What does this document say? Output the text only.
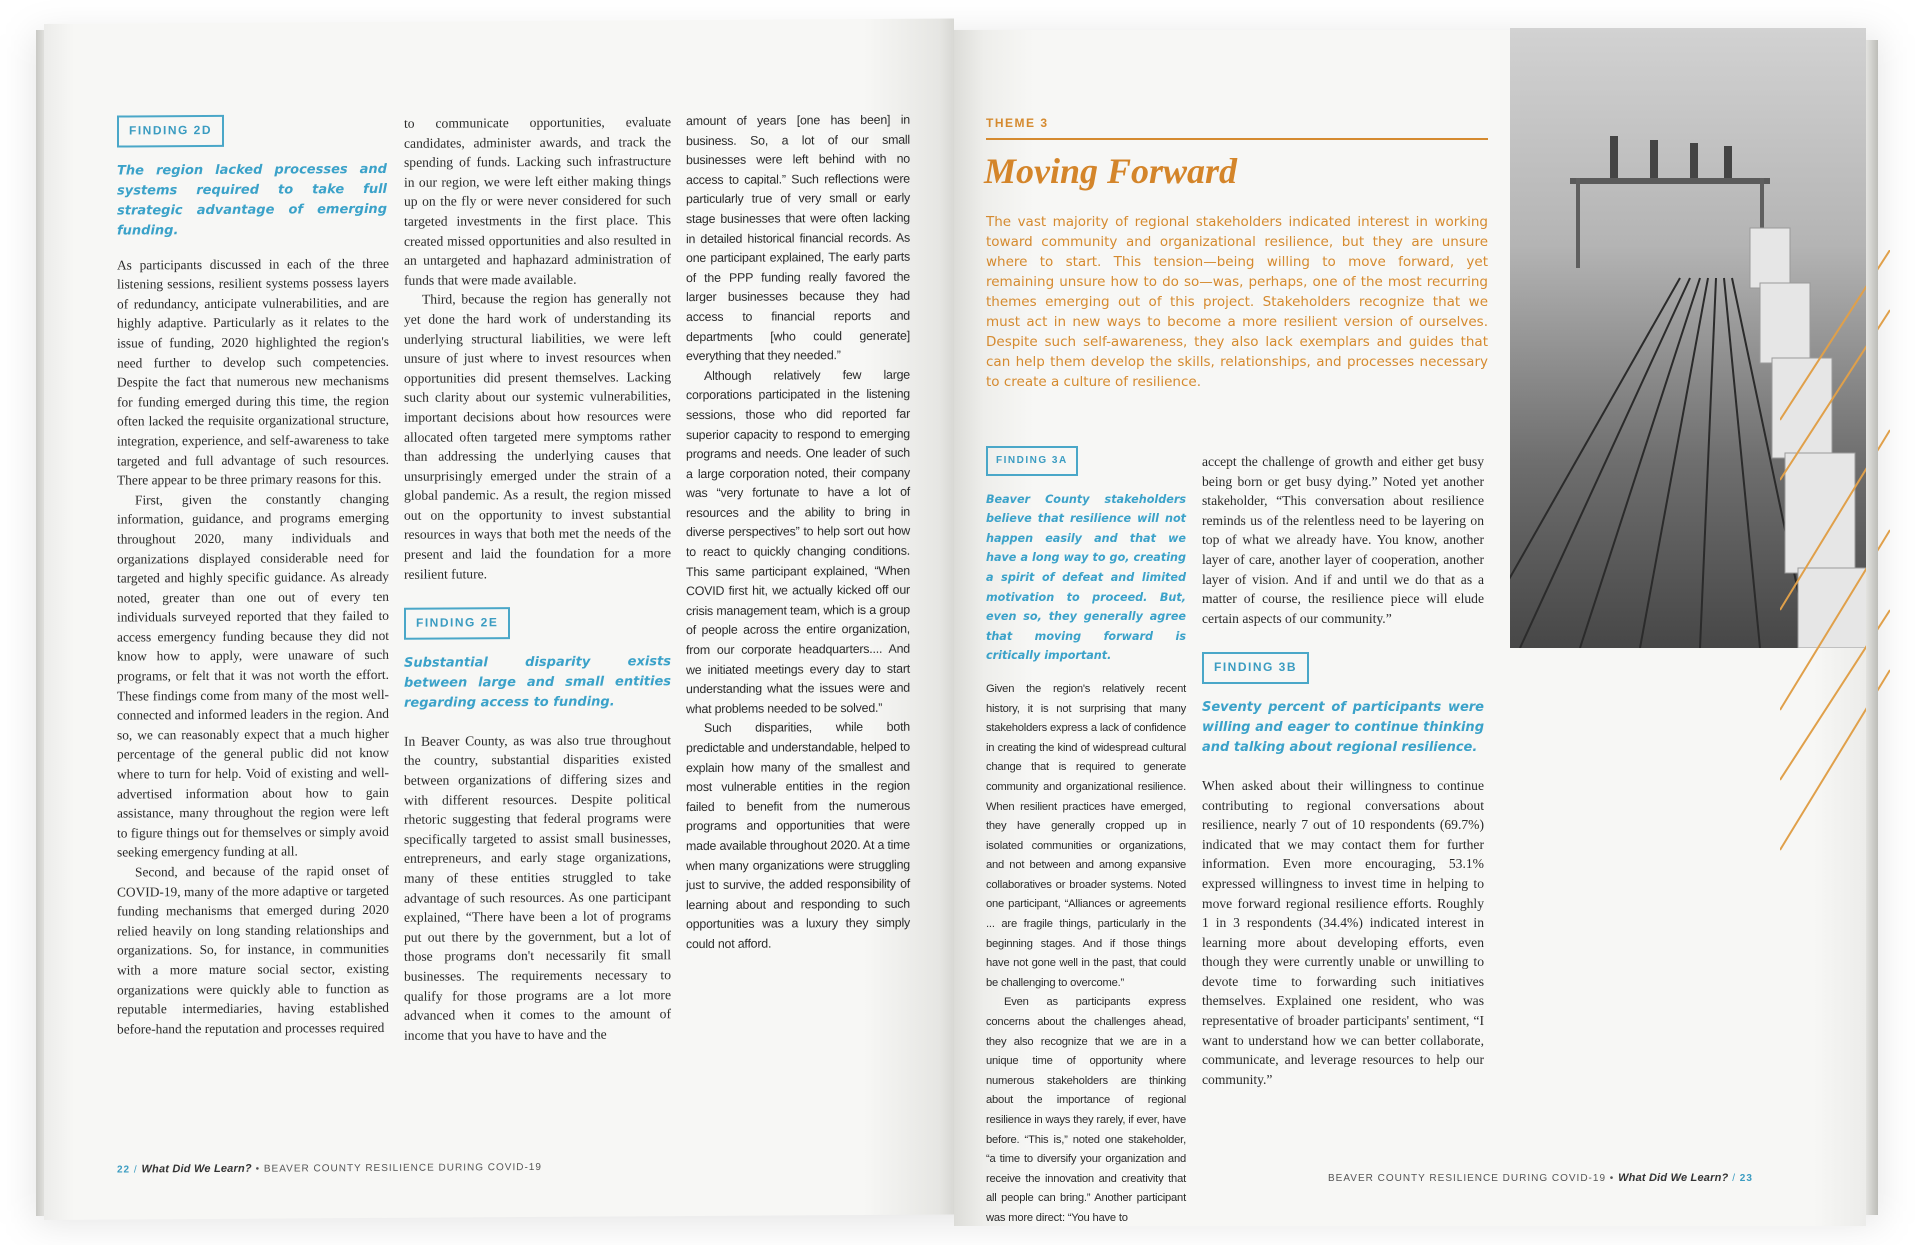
FINDING 2D
The region lacked processes and systems required to take full strategic advantage of emerging funding.

As participants discussed in each of the three listening sessions, resilient systems possess layers of redundancy, anticipate vulnerabilities, and are highly adaptive. Particularly as it relates to the issue of funding, 2020 highlighted the region's need further to develop such competencies. Despite the fact that numerous new mechanisms for funding emerged during this time, the region often lacked the requisite organizational structure, integration, experience, and self-awareness to take targeted and full advantage of such resources. There appear to be three primary reasons for this.

First, given the constantly changing information, guidance, and programs emerging throughout 2020, many individuals and organizations displayed considerable need for targeted and highly specific guidance. As already noted, greater than one out of every ten individuals surveyed reported that they failed to access emergency funding because they did not know how to apply, were unaware of such programs, or felt that it was not worth the effort. These findings come from many of the most well-connected and informed leaders in the region. And so, we can reasonably expect that a much higher percentage of the general public did not know where to turn for help. Void of existing and well-advertised information about how to gain assistance, many throughout the region were left to figure things out for themselves or simply avoid seeking emergency funding at all.

Second, and because of the rapid onset of COVID-19, many of the more adaptive or targeted funding mechanisms that emerged during 2020 relied heavily on long standing relationships and organizations. So, for instance, in communities with a more mature social sector, existing organizations were quickly able to function as reputable intermediaries, having established before-hand the reputation and processes required

to communicate opportunities, evaluate candidates, administer awards, and track the spending of funds. Lacking such infrastructure in our region, we were left either making things up on the fly or were never considered for such targeted investments in the first place. This created missed opportunities and also resulted in an untargeted and haphazard administration of funds that were made available.

Third, because the region has generally not yet done the hard work of understanding its underlying structural liabilities, we were left unsure of just where to invest resources when opportunities did present themselves. Lacking such clarity about our systemic vulnerabilities, important decisions about how resources were allocated often targeted mere symptoms rather than addressing the underlying causes that unsurprisingly emerged under the strain of a global pandemic. As a result, the region missed out on the opportunity to invest substantial resources in ways that both met the needs of the present and laid the foundation for a more resilient future.

FINDING 2E
Substantial disparity exists between large and small entities regarding access to funding.

In Beaver County, as was also true throughout the country, substantial disparities existed between organizations of differing sizes and with different resources. Despite political rhetoric suggesting that federal programs were specifically targeted to assist small businesses, entrepreneurs, and early stage organizations, many of these entities struggled to take advantage of such resources. As one participant explained, “There have been a lot of programs put out there by the government, but a lot of those programs don't necessarily fit small businesses. The requirements necessary to qualify for those programs are a lot more advanced when it comes to the amount of income that you have to have and the

amount of years [one has been] in business. So, a lot of our small businesses were left behind with no access to capital.” Such reflections were particularly true of very small or early stage businesses that were often lacking in detailed historical financial records. As one participant explained, The early parts of the PPP funding really favored the larger businesses because they had access to financial reports and departments [who could generate] everything that they needed.”

Although relatively few large corporations participated in the listening sessions, those who did reported far superior capacity to respond to emerging programs and needs. One leader of such a large corporation noted, their company was “very fortunate to have a lot of resources and the ability to bring in diverse perspectives” to help sort out how to react to quickly changing conditions. This same participant explained, “When COVID first hit, we actually kicked off our crisis management team, which is a group of people across the entire organization, from our corporate headquarters.... And we initiated meetings every day to start understanding what the issues were and what problems needed to be solved.”

Such disparities, while both predictable and understandable, helped to explain how many of the smallest and most vulnerable entities in the region failed to benefit from the numerous programs and opportunities that were made available throughout 2020. At a time when many organizations were struggling just to survive, the added responsibility of learning about and responding to such opportunities was a luxury they simply could not afford.

22 / What Did We Learn? • BEAVER COUNTY RESILIENCE DURING COVID-19
THEME 3
Moving Forward
The vast majority of regional stakeholders indicated interest in working toward community and organizational resilience, but they are unsure where to start. This tension—being willing to move forward, yet remaining unsure how to do so—was, perhaps, one of the most recurring themes emerging out of this project. Stakeholders recognize that we must act in new ways to become a more resilient version of ourselves. Despite such self-awareness, they also lack exemplars and guides that can help them develop the skills, relationships, and processes necessary to create a culture of resilience.
FINDING 3A
Beaver County stakeholders believe that resilience will not happen easily and that we have a long way to go, creating a spirit of defeat and limited motivation to proceed. But, even so, they generally agree that moving forward is critically important.

Given the region's relatively recent history, it is not surprising that many stakeholders express a lack of confidence in creating the kind of widespread cultural change that is required to generate community and organizational resilience. When resilient practices have emerged, they have generally cropped up in isolated communities or organizations, and not between and among expansive collaboratives or broader systems. Noted one participant, “Alliances or agreements ... are fragile things, particularly in the beginning stages. And if those things have not gone well in the past, that could be challenging to overcome.”

Even as participants express concerns about the challenges ahead, they also recognize that we are in a unique time of opportunity where numerous stakeholders are thinking about the importance of regional resilience in ways they rarely, if ever, have before. “This is,” noted one stakeholder, “a time to diversify your organization and receive the innovation and creativity that all people can bring.” Another participant was more direct: “You have to

accept the challenge of growth and either get busy being born or get busy dying.” Noted yet another stakeholder, “This conversation about resilience reminds us of the relentless need to be layering on top of what we already have. You know, another layer of care, another layer of cooperation, another layer of vision. And if and until we do that as a matter of course, the resilience piece will elude certain aspects of our community.”

FINDING 3B
Seventy percent of participants were willing and eager to continue thinking and talking about regional resilience.

When asked about their willingness to continue contributing to regional conversations about resilience, nearly 7 out of 10 respondents (69.7%) indicated that we may contact them for further information. Even more encouraging, 53.1% expressed willingness to invest time in helping to move forward regional resilience efforts. Roughly 1 in 3 respondents (34.4%) indicated interest in learning more about developing efforts, even though they were currently unable or unwilling to devote time to forwarding such initiatives themselves. Explained one resident, who was representative of broader participants' sentiment, “I want to understand how we can better collaborate, communicate, and leverage resources to help our community.”

BEAVER COUNTY RESILIENCE DURING COVID-19 • What Did We Learn? / 23
